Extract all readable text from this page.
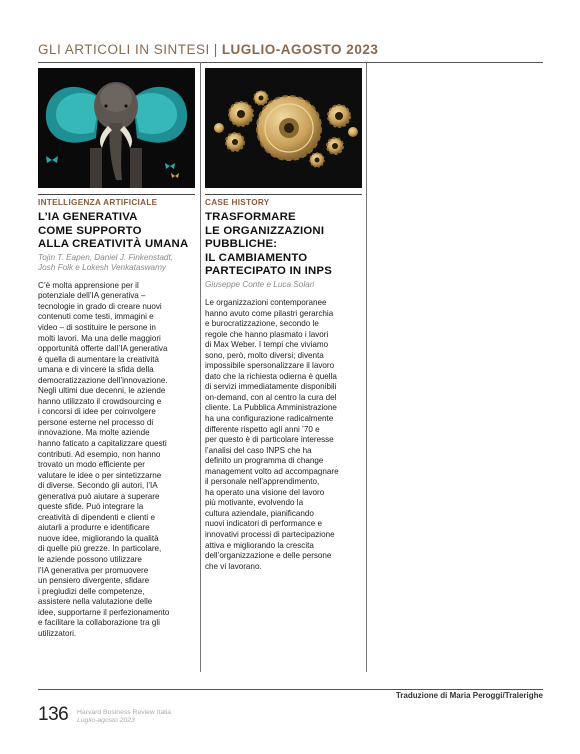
GLI ARTICOLI IN SINTESI | LUGLIO-AGOSTO 2023
INTELLIGENZA ARTIFICIALE
L’IA GENERATIVA
COME SUPPORTO
ALLA CREATIVITÀ UMANA
Tojin T. Eapen, Daniel J. Finkenstadt,
Josh Folk e Lokesh Venkataswamy
C’è molta apprensione per il
potenziale dell’IA generativa –
tecnologie in grado di creare nuovi
contenuti come testi, immagini e
video – di sostituire le persone in
molti lavori. Ma una delle maggiori
opportunità offerte dall’IA generativa
è quella di aumentare la creatività
umana e di vincere la sfida della
democratizzazione dell’innovazione.
Negli ultimi due decenni, le aziende
hanno utilizzato il crowdsourcing e
i concorsi di idee per coinvolgere
persone esterne nel processo di
innovazione. Ma molte aziende
hanno faticato a capitalizzare questi
contributi. Ad esempio, non hanno
trovato un modo efficiente per
valutare le idee o per sintetizzarne
di diverse. Secondo gli autori, l’IA
generativa può aiutare a superare
queste sfide. Può integrare la
creatività di dipendenti e clienti e
aiutarli a produrre e identificare
nuove idee, migliorando la qualità
di quelle più grezze. In particolare,
le aziende possono utilizzare
l’IA generativa per promuovere
un pensiero divergente, sfidare
i pregiudizi delle competenze,
assistere nella valutazione delle
idee, supportarne il perfezionamento
e facilitare la collaborazione tra gli
utilizzatori.
CASE HISTORY
TRASFORMARE
LE ORGANIZZAZIONI
PUBBLICHE:
IL CAMBIAMENTO
PARTECIPATO IN INPS
Giuseppe Conte e Luca Solari
Le organizzazioni contemporanee
hanno avuto come pilastri gerarchia
e burocratizzazione, secondo le
regole che hanno plasmato i lavori
di Max Weber. I tempi che viviamo
sono, però, molto diversi; diventa
impossibile spersonalizzare il lavoro
dato che la richiesta odierna è quella
di servizi immediatamente disponibili
on-demand, con al centro la cura del
cliente. La Pubblica Amministrazione
ha una configurazione radicalmente
differente rispetto agli anni ’70 e
per questo è di particolare interesse
l’analisi del caso INPS che ha
definito un programma di change
management volto ad accompagnare
il personale nell’apprendimento,
ha operato una visione del lavoro
più motivante, evolvendo la
cultura aziendale, pianificando
nuovi indicatori di performance e
innovativi processi di partecipazione
attiva e migliorando la crescita
dell’organizzazione e delle persone
che vi lavorano.
Traduzione di Maria Peroggi/Tralerighe
136 Harvard Business Review Italia
Luglio-agosto 2023
